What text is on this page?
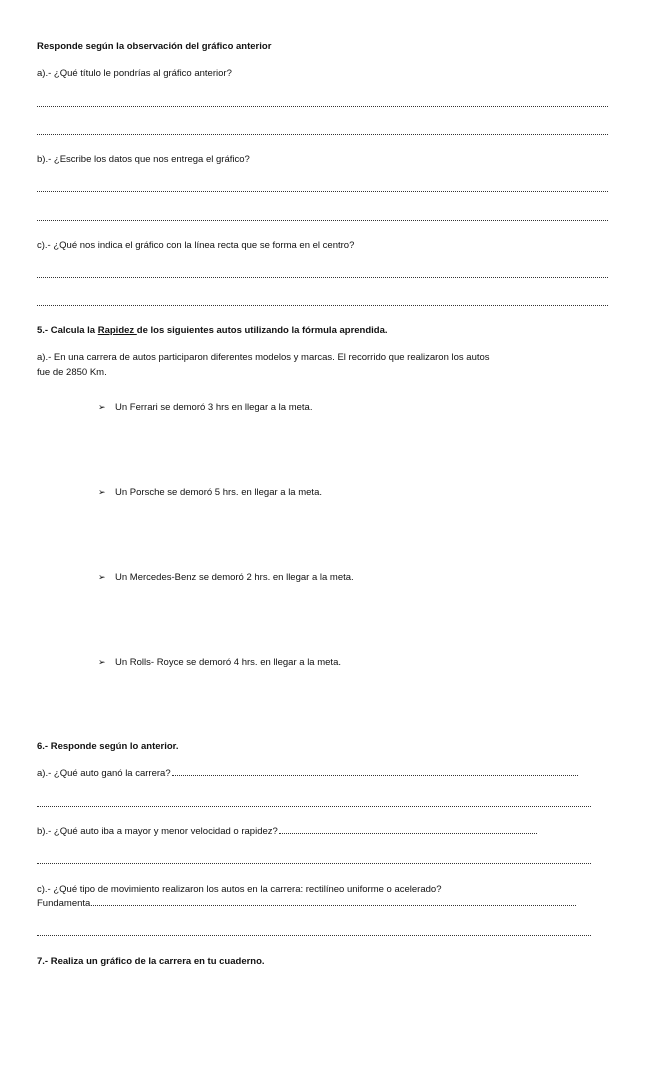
Responde según la observación del gráfico anterior
a).- ¿Qué título le pondrías al gráfico anterior?
b).- ¿Escribe los datos que nos entrega el gráfico?
c).- ¿Qué nos indica el gráfico con la línea recta que se forma en el centro?
5.- Calcula la Rapidez de los siguientes autos utilizando la fórmula aprendida.
a).- En una carrera de autos participaron diferentes modelos y marcas. El recorrido que realizaron los autos
fue de 2850 Km.
➢ Un Ferrari se demoró 3 hrs en llegar a la meta.
➢ Un Porsche se demoró 5 hrs. en llegar a la meta.
➢ Un Mercedes-Benz se demoró 2 hrs. en llegar a la meta.
➢ Un Rolls- Royce se demoró 4 hrs. en llegar a la meta.
6.- Responde según lo anterior.
a).- ¿Qué auto ganó la carrera?
b).- ¿Qué auto iba a mayor y menor velocidad o rapidez?
c).- ¿Qué tipo de movimiento realizaron los autos en la carrera: rectilíneo uniforme o acelerado?
Fundamenta
7.- Realiza un gráfico de la carrera en tu cuaderno.
